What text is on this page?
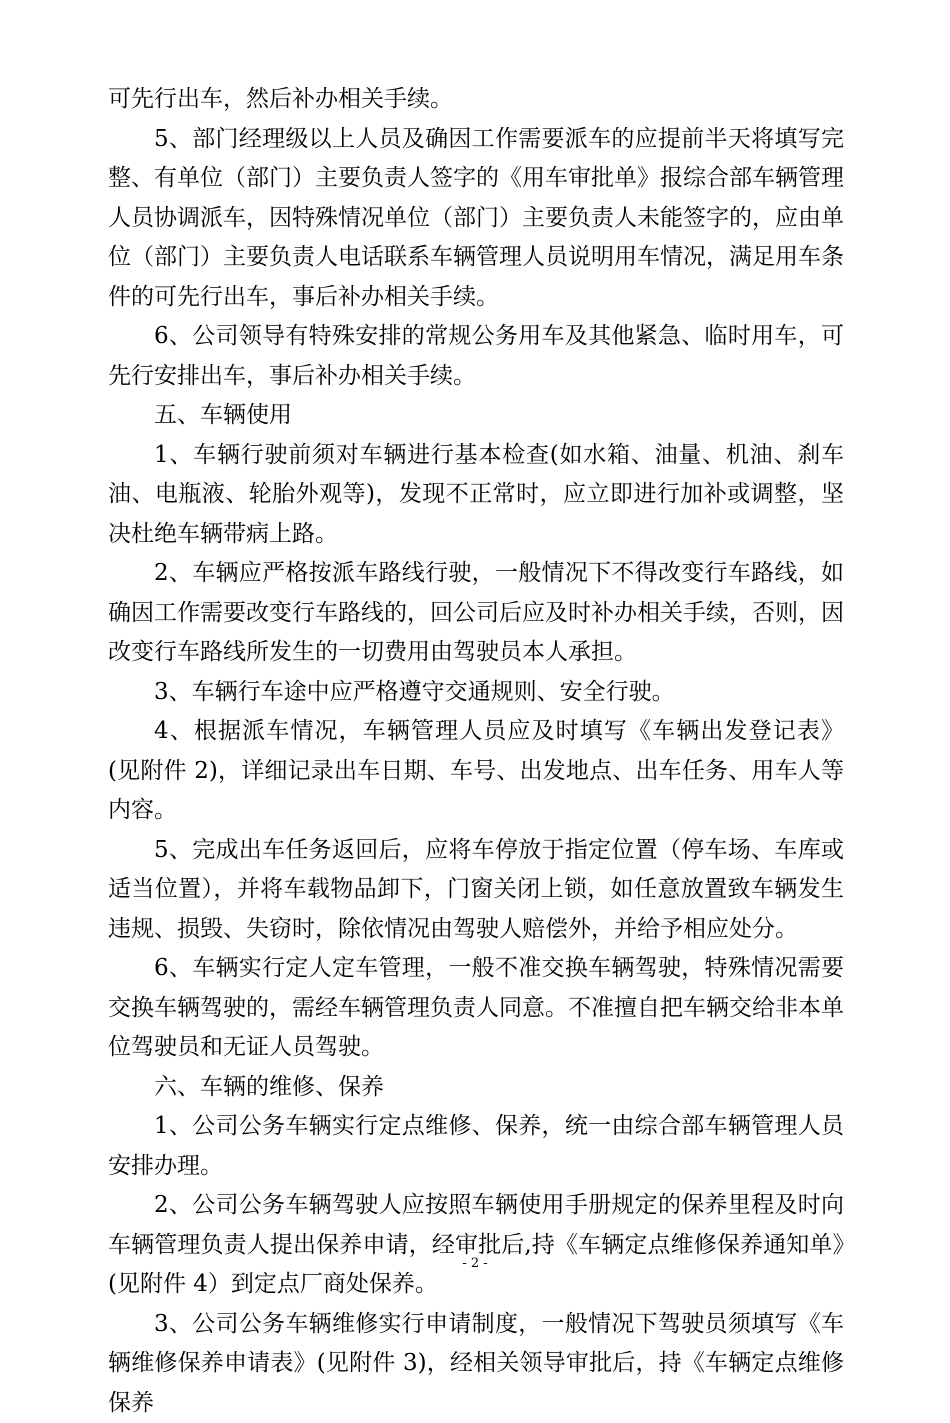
可先行出车，然后补办相关手续。

5、部门经理级以上人员及确因工作需要派车的应提前半天将填写完整、有单位（部门）主要负责人签字的《用车审批单》报综合部车辆管理人员协调派车，因特殊情况单位（部门）主要负责人未能签字的，应由单位（部门）主要负责人电话联系车辆管理人员说明用车情况，满足用车条件的可先行出车，事后补办相关手续。

6、公司领导有特殊安排的常规公务用车及其他紧急、临时用车，可先行安排出车，事后补办相关手续。

五、车辆使用

1、车辆行驶前须对车辆进行基本检查(如水箱、油量、机油、刹车油、电瓶液、轮胎外观等)，发现不正常时，应立即进行加补或调整，坚决杜绝车辆带病上路。

2、车辆应严格按派车路线行驶，一般情况下不得改变行车路线，如确因工作需要改变行车路线的，回公司后应及时补办相关手续，否则，因改变行车路线所发生的一切费用由驾驶员本人承担。

3、车辆行车途中应严格遵守交通规则、安全行驶。

4、根据派车情况，车辆管理人员应及时填写《车辆出发登记表》(见附件 2)，详细记录出车日期、车号、出发地点、出车任务、用车人等内容。

5、完成出车任务返回后，应将车停放于指定位置（停车场、车库或适当位置），并将车载物品卸下，门窗关闭上锁，如任意放置致车辆发生违规、损毁、失窃时，除依情况由驾驶人赔偿外，并给予相应处分。

6、车辆实行定人定车管理，一般不准交换车辆驾驶，特殊情况需要交换车辆驾驶的，需经车辆管理负责人同意。不准擅自把车辆交给非本单位驾驶员和无证人员驾驶。

六、车辆的维修、保养

1、公司公务车辆实行定点维修、保养，统一由综合部车辆管理人员安排办理。

2、公司公务车辆驾驶人应按照车辆使用手册规定的保养里程及时向车辆管理负责人提出保养申请，经审批后,持《车辆定点维修保养通知单》(见附件 4）到定点厂商处保养。

3、公司公务车辆维修实行申请制度，一般情况下驾驶员须填写《车辆维修保养申请表》(见附件 3)，经相关领导审批后，持《车辆定点维修保养

- 2 -
